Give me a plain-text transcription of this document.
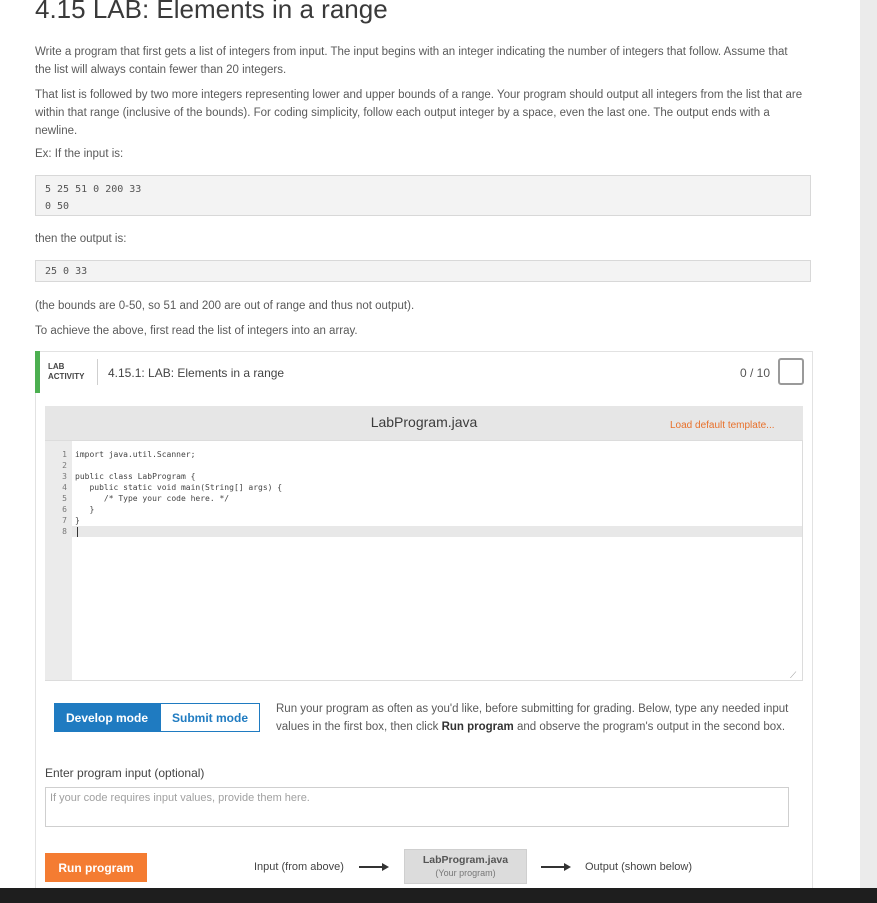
4.15 LAB: Elements in a range

Write a program that first gets a list of integers from input. The input begins with an integer indicating the number of integers that follow. Assume that the list will always contain fewer than 20 integers.

That list is followed by two more integers representing lower and upper bounds of a range. Your program should output all integers from the list that are within that range (inclusive of the bounds). For coding simplicity, follow each output integer by a space, even the last one. The output ends with a newline.

Ex: If the input is:

5 25 51 0 200 33
0 50

then the output is:

25 0 33

(the bounds are 0-50, so 51 and 200 are out of range and thus not output).

To achieve the above, first read the list of integers into an array.

LAB
ACTIVITY	4.15.1: LAB: Elements in a range	0 / 10
LabProgram.java	Load default template...
1
2
3
4
5
6
7
8
import java.util.Scanner;
public class LabProgram {
public static void main(String[] args) {
/* Type your code here. */
}
}
⟋
Develop mode	Submit mode

Run your program as often as you'd like, before submitting for grading. Below, type any needed input values in the first box, then click Run program and observe the program's output in the second box.

Enter program input (optional)
If your code requires input values, provide them here.
Run program	Input (from above)
LabProgram.java
(Your program)	Output (shown below)
